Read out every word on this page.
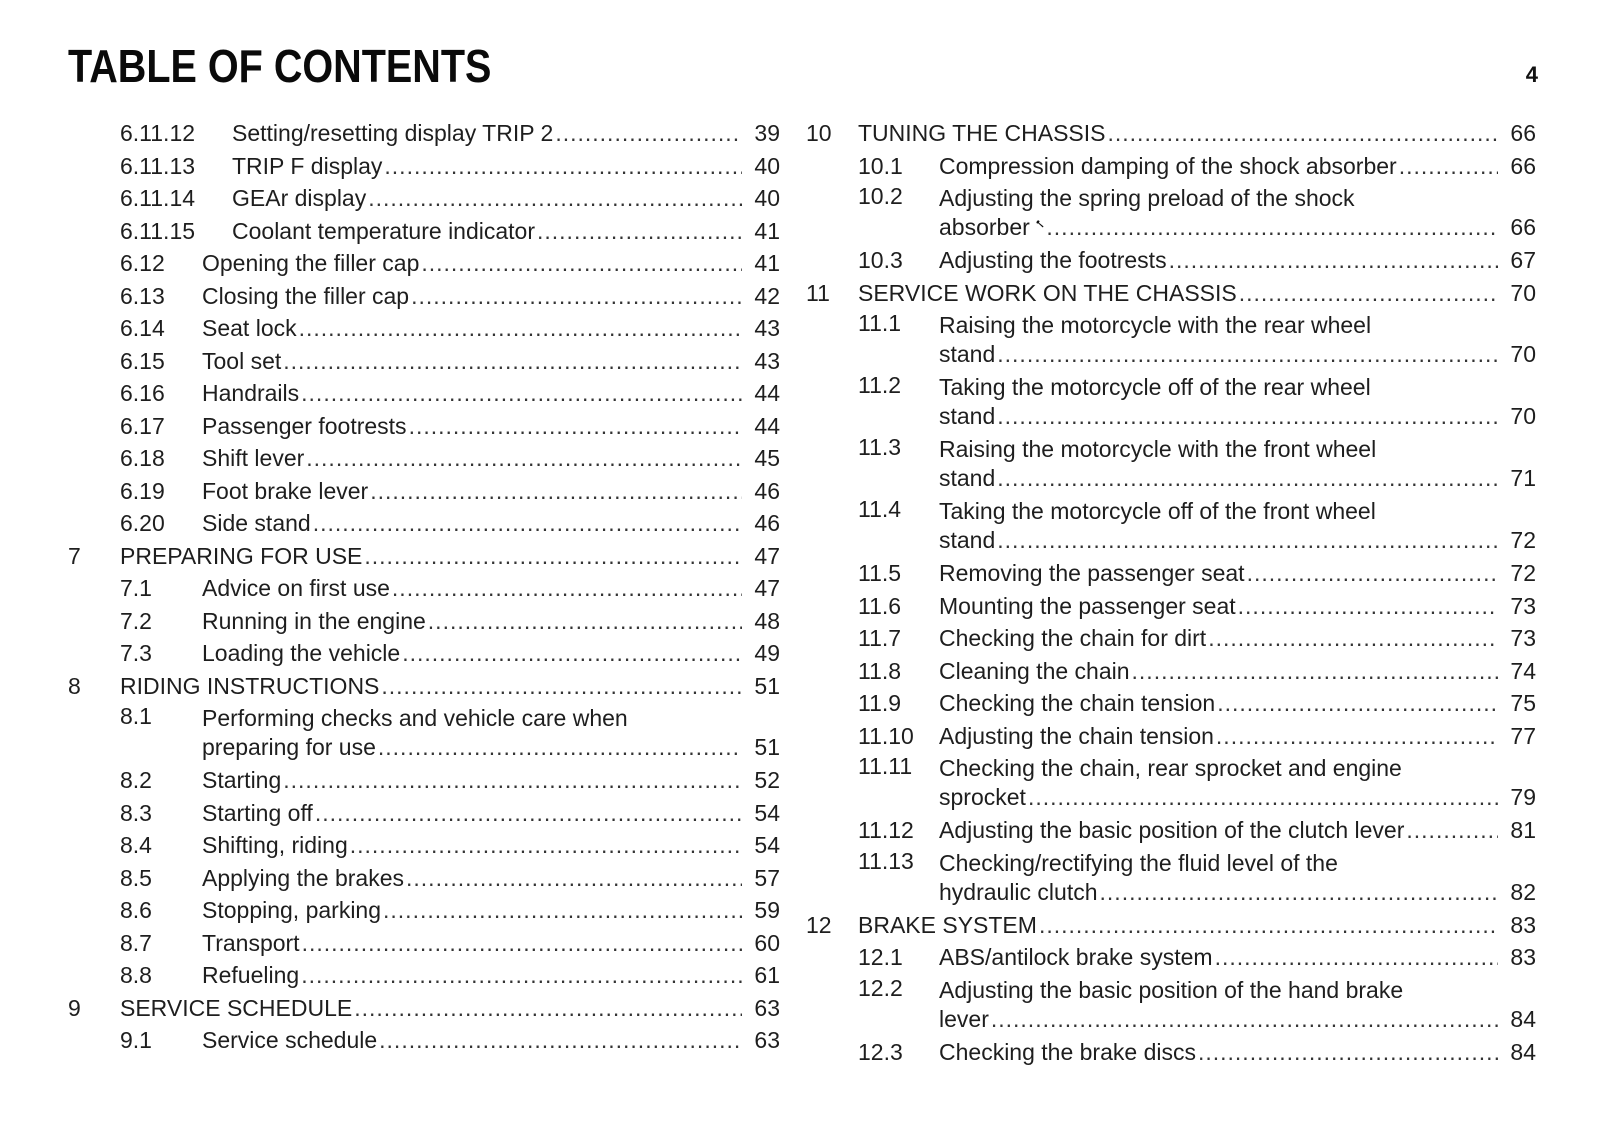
TABLE OF CONTENTS	4
6.11.12 Setting/resetting display TRIP 2 .....	39
6.11.13 TRIP F display .....	40
6.11.14 GEAr display .....	40
6.11.15 Coolant temperature indicator .....	41
6.12 Opening the filler cap .....	41
6.13 Closing the filler cap .....	42
6.14 Seat lock .....	43
6.15 Tool set .....	43
6.16 Handrails .....	44
6.17 Passenger footrests .....	44
6.18 Shift lever .....	45
6.19 Foot brake lever .....	46
6.20 Side stand .....	46
7 PREPARING FOR USE .....	47
7.1 Advice on first use .....	47
7.2 Running in the engine .....	48
7.3 Loading the vehicle .....	49
8 RIDING INSTRUCTIONS .....	51
8.1	Performing checks and vehicle care when
preparing for use .....	51
8.2 Starting .....	52
8.3 Starting off .....	54
8.4 Shifting, riding .....	54
8.5 Applying the brakes .....	57
8.6 Stopping, parking .....	59
8.7 Transport .....	60
8.8 Refueling .....	61
9 SERVICE SCHEDULE .....	63
9.1 Service schedule .....	63
10 TUNING THE CHASSIS .....	66
10.1 Compression damping of the shock absorber .....	66
10.2	Adjusting the spring preload of the shock
absorber .....	66
10.3 Adjusting the footrests .....	67
11 SERVICE WORK ON THE CHASSIS .....	70
11.1	Raising the motorcycle with the rear wheel
stand .....	70
11.2	Taking the motorcycle off of the rear wheel
stand .....	70
11.3	Raising the motorcycle with the front wheel
stand .....	71
11.4	Taking the motorcycle off of the front wheel
stand .....	72
11.5 Removing the passenger seat .....	72
11.6 Mounting the passenger seat .....	73
11.7 Checking the chain for dirt .....	73
11.8 Cleaning the chain .....	74
11.9 Checking the chain tension .....	75
11.10 Adjusting the chain tension .....	77
11.11	Checking the chain, rear sprocket and engine
sprocket .....	79
11.12 Adjusting the basic position of the clutch lever .....	81
11.13	Checking/rectifying the fluid level of the
hydraulic clutch .....	82
12 BRAKE SYSTEM .....	83
12.1 ABS/antilock brake system .....	83
12.2	Adjusting the basic position of the hand brake
lever .....	84
12.3 Checking the brake discs .....	84
